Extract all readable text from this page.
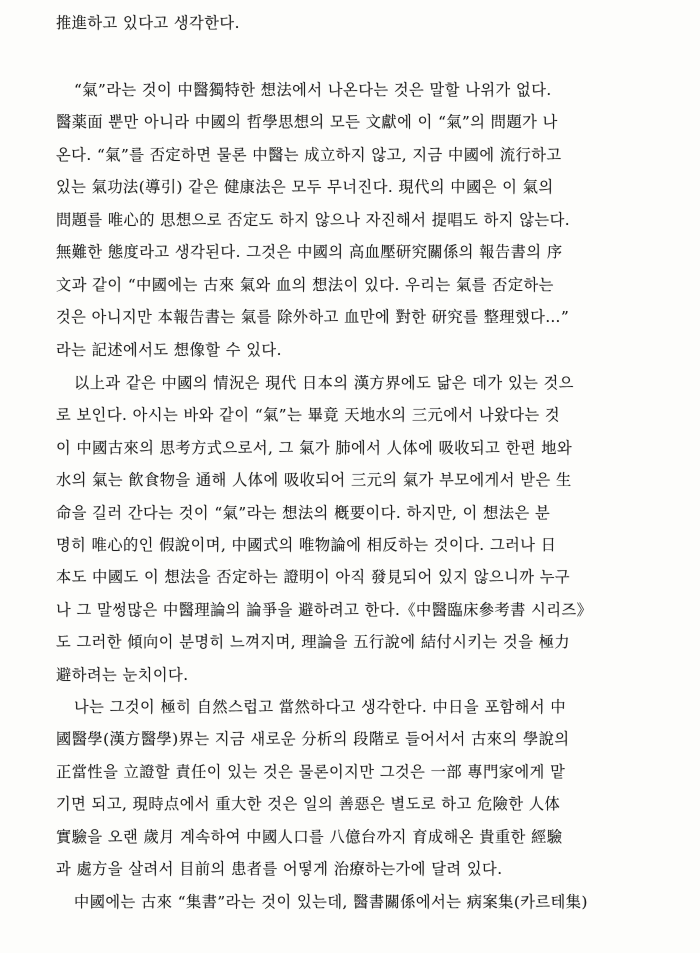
推進하고 있다고 생각한다.
“氣”라는 것이 中醫獨特한 想法에서 나온다는 것은 말할 나위가 없다.
醫薬面 뿐만 아니라 中國의 哲學思想의 모든 文獻에 이 “氣”의 問題가 나
온다. “氣”를 否定하면 물론 中醫는 成立하지 않고, 지금 中國에 流行하고
있는 氣功法(導引) 같은 健康法은 모두 무너진다. 現代의 中國은 이 氣의
問題를 唯心的 思想으로 否定도 하지 않으나 자진해서 提唱도 하지 않는다.
無難한 態度라고 생각된다. 그것은 中國의 高血壓研究關係의 報告書의 序
文과 같이 “中國에는 古來 氣와 血의 想法이 있다. 우리는 氣를 否定하는
것은 아니지만 本報告書는 氣를 除外하고 血만에 對한 研究를 整理했다…”
라는 記述에서도 想像할 수 있다.
以上과 같은 中國의 情況은 現代 日本의 漢方界에도 닮은 데가 있는 것으
로 보인다. 아시는 바와 같이 “氣”는 畢竟 天地水의 三元에서 나왔다는 것
이 中國古來의 思考方式으로서, 그 氣가 肺에서 人体에 吸收되고 한편 地와
水의 氣는 飮食物을 通해 人体에 吸收되어 三元의 氣가 부모에게서 받은 生
命을 길러 간다는 것이 “氣”라는 想法의 槪要이다. 하지만, 이 想法은 분
명히 唯心的인 假說이며, 中國式의 唯物論에 相反하는 것이다. 그러나 日
本도 中國도 이 想法을 否定하는 證明이 아직 發見되어 있지 않으니까 누구
나 그 말썽많은 中醫理論의 論爭을 避하려고 한다.《中醫臨床參考書 시리즈》
도 그러한 傾向이 분명히 느껴지며, 理論을 五行說에 結付시키는 것을 極力
避하려는 눈치이다.
나는 그것이 極히 自然스럽고 當然하다고 생각한다. 中日을 포함해서 中
國醫學(漢方醫學)界는 지금 새로운 分析의 段階로 들어서서 古來의 學說의
正當性을 立證할 責任이 있는 것은 물론이지만 그것은 一部 專門家에게 맡
기면 되고, 現時点에서 重大한 것은 일의 善惡은 별도로 하고 危險한 人体
實驗을 오랜 歲月 계속하여 中國人口를 八億台까지 育成해온 貴重한 經驗
과 處方을 살려서 目前의 患者를 어떻게 治療하는가에 달려 있다.
中國에는 古來 “集書”라는 것이 있는데, 醫書關係에서는 病案集(카르테集)
